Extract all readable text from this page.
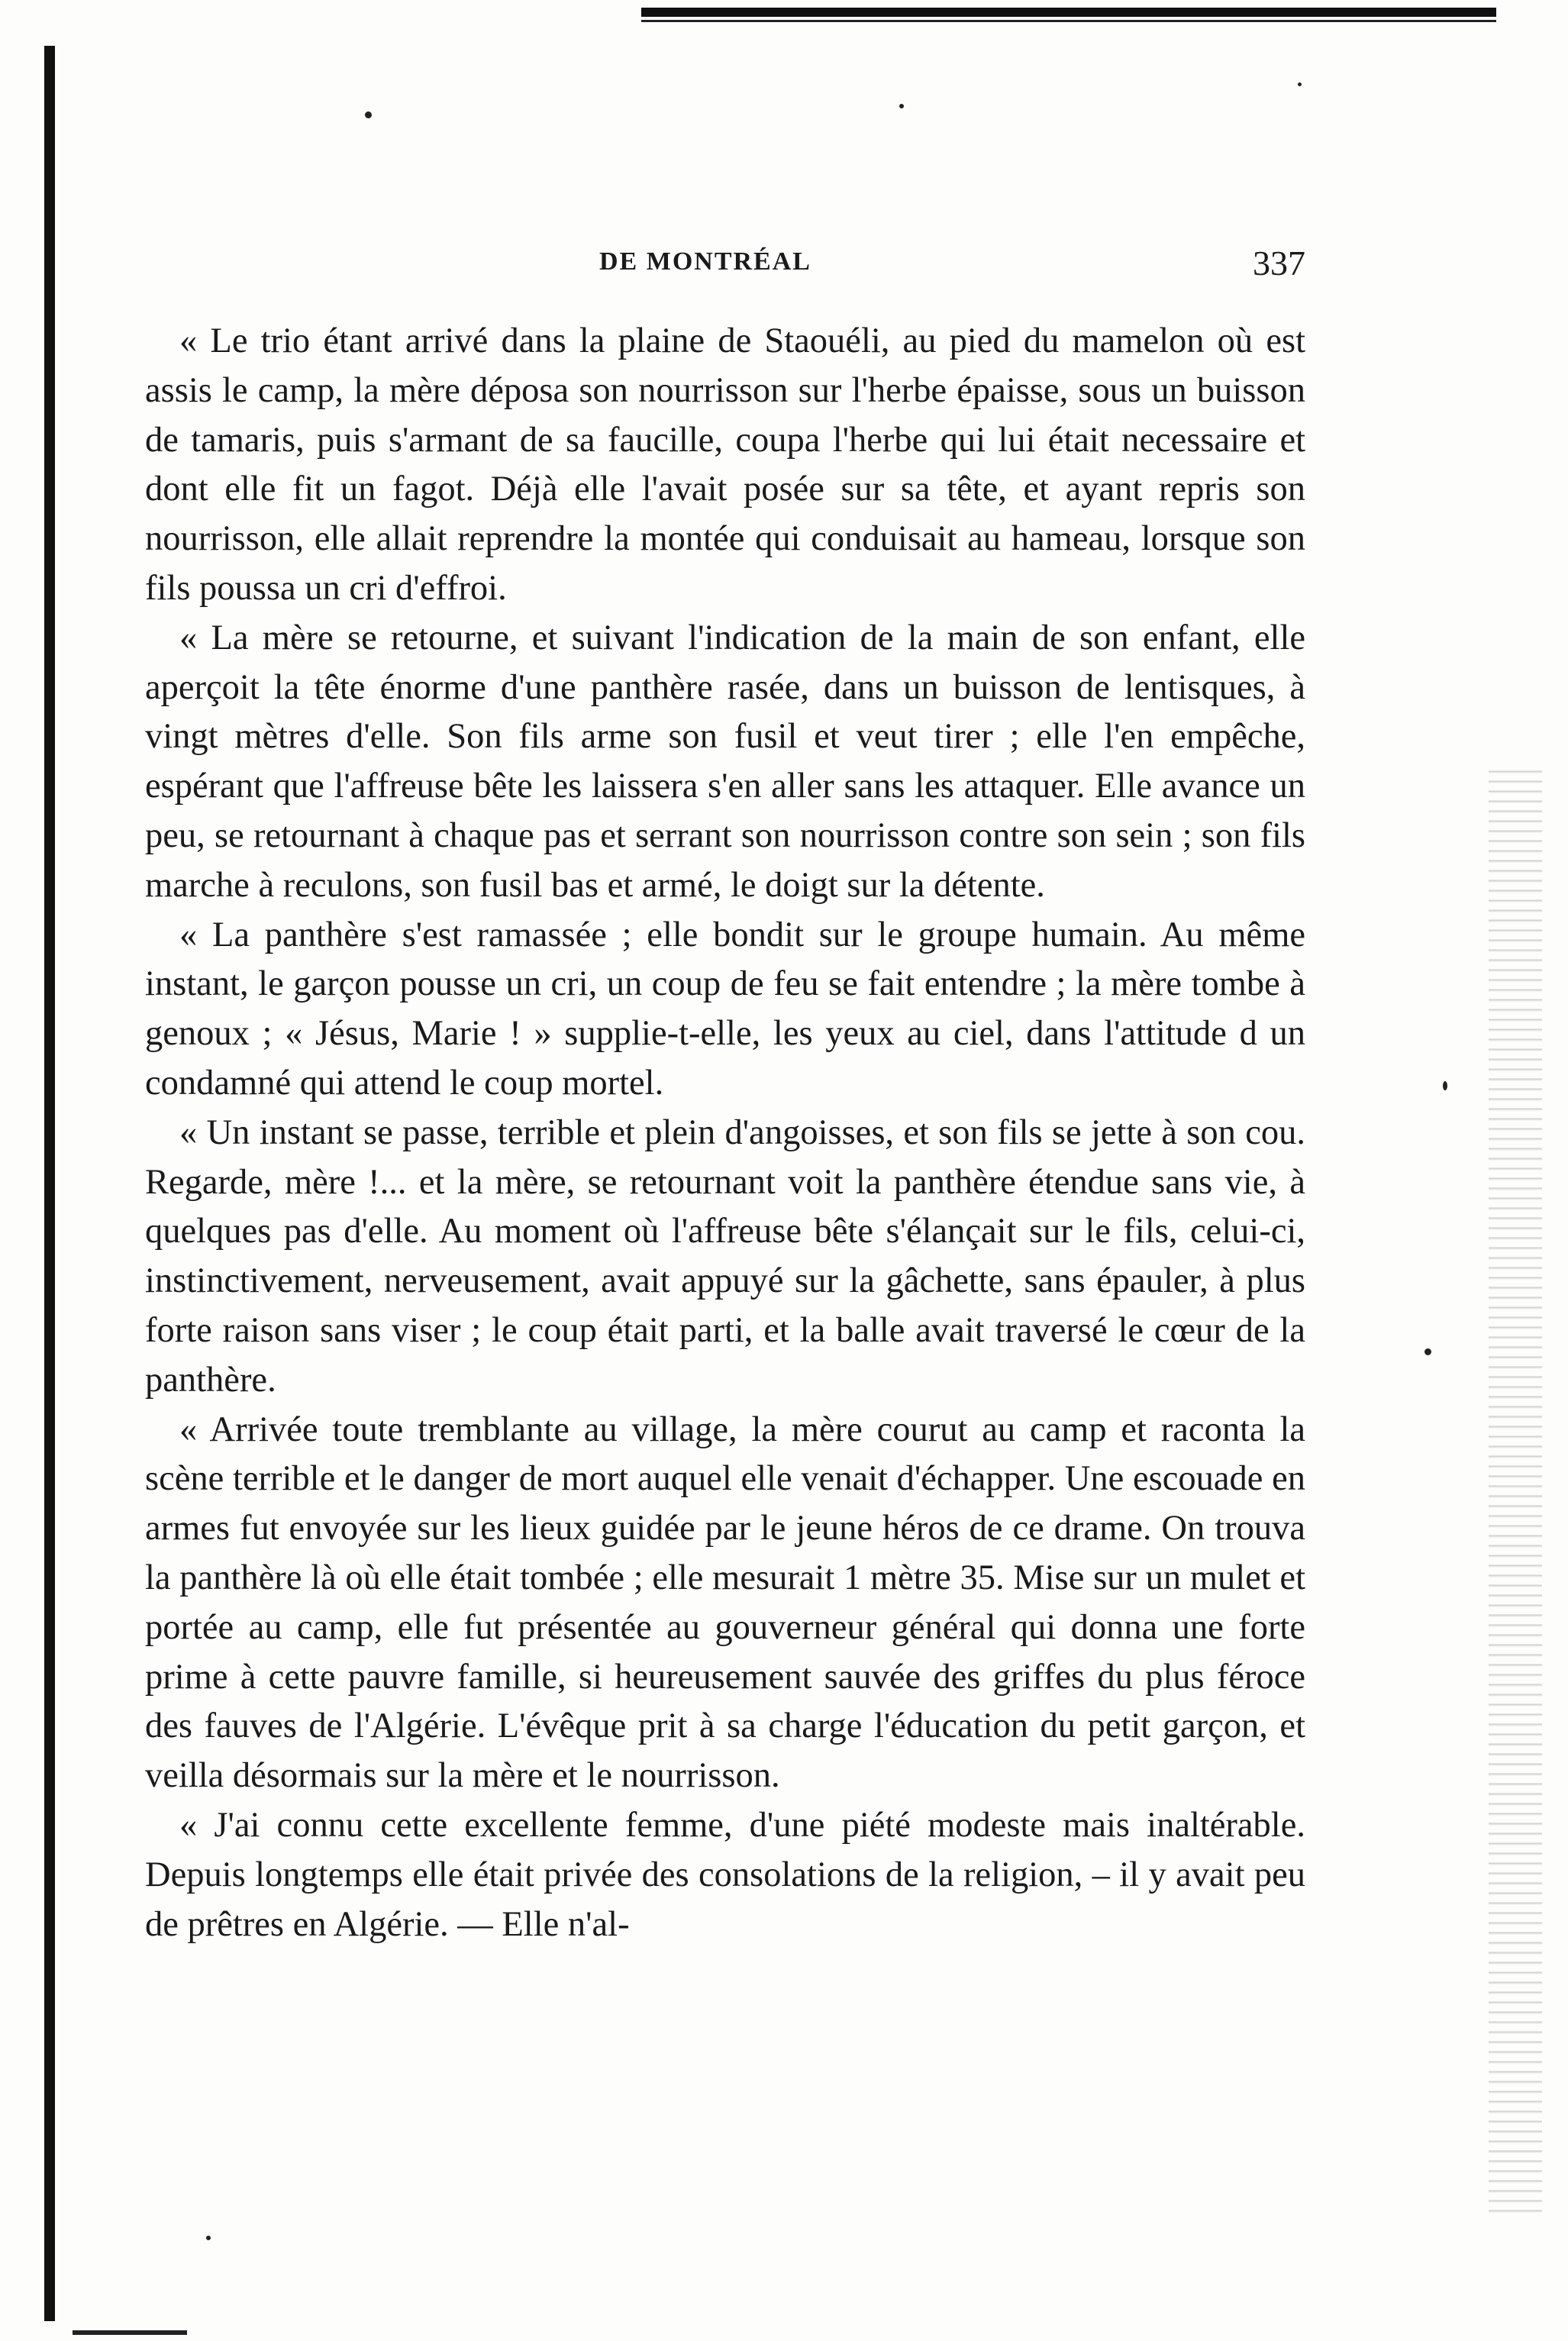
DE MONTRÉAL	337

« Le trio étant arrivé dans la plaine de Staouéli, au pied du mamelon où est assis le camp, la mère déposa son nourrisson sur l'herbe épaisse, sous un buisson de tamaris, puis s'armant de sa faucille, coupa l'herbe qui lui était necessaire et dont elle fit un fagot. Déjà elle l'avait posée sur sa tête, et ayant repris son nourrisson, elle allait reprendre la montée qui conduisait au hameau, lorsque son fils poussa un cri d'effroi.

« La mère se retourne, et suivant l'indication de la main de son enfant, elle aperçoit la tête énorme d'une panthère rasée, dans un buisson de lentisques, à vingt mètres d'elle. Son fils arme son fusil et veut tirer ; elle l'en empêche, espérant que l'affreuse bête les laissera s'en aller sans les attaquer. Elle avance un peu, se retournant à chaque pas et serrant son nourrisson contre son sein ; son fils marche à reculons, son fusil bas et armé, le doigt sur la détente.

« La panthère s'est ramassée ; elle bondit sur le groupe humain. Au même instant, le garçon pousse un cri, un coup de feu se fait entendre ; la mère tombe à genoux ; « Jésus, Marie ! » supplie-t-elle, les yeux au ciel, dans l'attitude d un condamné qui attend le coup mortel.

« Un instant se passe, terrible et plein d'angoisses, et son fils se jette à son cou. Regarde, mère !... et la mère, se retournant voit la panthère étendue sans vie, à quelques pas d'elle. Au moment où l'affreuse bête s'élançait sur le fils, celui-ci, instinctivement, nerveusement, avait appuyé sur la gâchette, sans épauler, à plus forte raison sans viser ; le coup était parti, et la balle avait traversé le cœur de la panthère.

« Arrivée toute tremblante au village, la mère courut au camp et raconta la scène terrible et le danger de mort auquel elle venait d'échapper. Une escouade en armes fut envoyée sur les lieux guidée par le jeune héros de ce drame. On trouva la panthère là où elle était tombée ; elle mesurait 1 mètre 35. Mise sur un mulet et portée au camp, elle fut présentée au gouverneur général qui donna une forte prime à cette pauvre famille, si heureusement sauvée des griffes du plus féroce des fauves de l'Algérie. L'évêque prit à sa charge l'éducation du petit garçon, et veilla désormais sur la mère et le nourrisson.

« J'ai connu cette excellente femme, d'une piété modeste mais inaltérable. Depuis longtemps elle était privée des consolations de la religion, – il y avait peu de prêtres en Algérie. — Elle n'al-
